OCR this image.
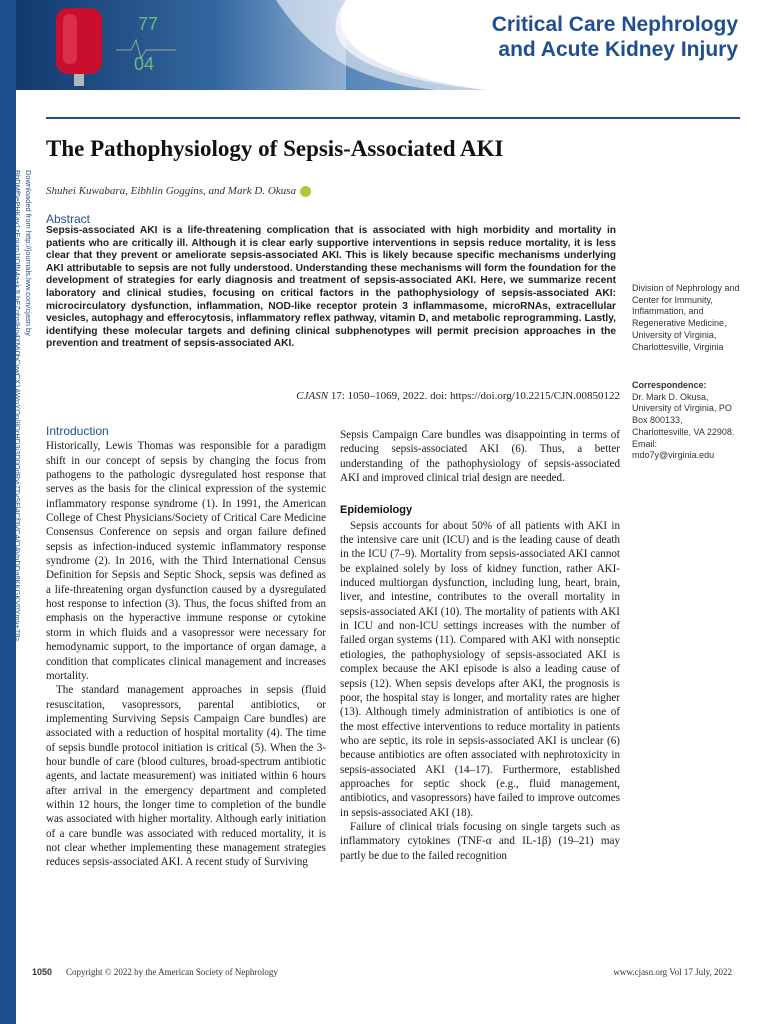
77
04
Critical Care Nephrology
and Acute Kidney Injury
Downloaded from http://journals.lww.com/cjasn by BhDMf5ePHKav1zEoum1tQfN4a+kJLhEZgbsIHo4XMi0hCywCX1AWnYQp/IlQrHD3i3D0OdRyi7TvSFl4Cf3VC4/OAVpDDa8KKGKV0Ymy+78= on 10/20/2022
The Pathophysiology of Sepsis-Associated AKI
Shuhei Kuwabara, Eibhlin Goggins, and Mark D. Okusa
Abstract

Sepsis-associated AKI is a life-threatening complication that is associated with high morbidity and mortality in patients who are critically ill. Although it is clear early supportive interventions in sepsis reduce mortality, it is less clear that they prevent or ameliorate sepsis-associated AKI. This is likely because specific mechanisms underlying AKI attributable to sepsis are not fully understood. Understanding these mechanisms will form the foundation for the development of strategies for early diagnosis and treatment of sepsis-associated AKI. Here, we summarize recent laboratory and clinical studies, focusing on critical factors in the pathophysiology of sepsis-associated AKI: microcirculatory dysfunction, inflammation, NOD-like receptor protein 3 inflammasome, microRNAs, extracellular vesicles, autophagy and efferocytosis, inflammatory reflex pathway, vitamin D, and metabolic reprogramming. Lastly, identifying these molecular targets and defining clinical subphenotypes will permit precision approaches in the prevention and treatment of sepsis-associated AKI.

CJASN 17: 1050–1069, 2022. doi: https://doi.org/10.2215/CJN.00850122
Division of Nephrology and Center for Immunity, Inflammation, and Regenerative Medicine, University of Virginia, Charlottesville, Virginia
Correspondence:
Dr. Mark D. Okusa, University of Virginia, PO Box 800133, Charlottesville, VA 22908. Email: mdo7y@virginia.edu
Introduction

Historically, Lewis Thomas was responsible for a paradigm shift in our concept of sepsis by changing the focus from pathogens to the pathologic dysregulated host response that serves as the basis for the clinical expression of the systemic inflammatory response syndrome (1). In 1991, the American College of Chest Physicians/Society of Critical Care Medicine Consensus Conference on sepsis and organ failure defined sepsis as infection-induced systemic inflammatory response syndrome (2). In 2016, with the Third International Census Definition for Sepsis and Septic Shock, sepsis was defined as a life-threatening organ dysfunction caused by a dysregulated host response to infection (3). Thus, the focus shifted from an emphasis on the hyperactive immune response or cytokine storm in which fluids and a vasopressor were necessary for hemodynamic support, to the importance of organ damage, a condition that complicates clinical management and increases mortality.

The standard management approaches in sepsis (fluid resuscitation, vasopressors, parental antibiotics, or implementing Surviving Sepsis Campaign Care bundles) are associated with a reduction of hospital mortality (4). The time of sepsis bundle protocol initiation is critical (5). When the 3-hour bundle of care (blood cultures, broad-spectrum antibiotic agents, and lactate measurement) was initiated within 6 hours after arrival in the emergency department and completed within 12 hours, the longer time to completion of the bundle was associated with higher mortality. Although early initiation of a care bundle was associated with reduced mortality, it is not clear whether implementing these management strategies reduces sepsis-associated AKI. A recent study of Surviving

Sepsis Campaign Care bundles was disappointing in terms of reducing sepsis-associated AKI (6). Thus, a better understanding of the pathophysiology of sepsis-associated AKI and improved clinical trial design are needed.

Epidemiology

Sepsis accounts for about 50% of all patients with AKI in the intensive care unit (ICU) and is the leading cause of death in the ICU (7–9). Mortality from sepsis-associated AKI cannot be explained solely by loss of kidney function, rather AKI-induced multiorgan dysfunction, including lung, heart, brain, liver, and intestine, contributes to the overall mortality in sepsis-associated AKI (10). The mortality of patients with AKI in ICU and non-ICU settings increases with the number of failed organ systems (11). Compared with AKI with nonseptic etiologies, the pathophysiology of sepsis-associated AKI is complex because the AKI episode is also a leading cause of sepsis (12). When sepsis develops after AKI, the prognosis is poor, the hospital stay is longer, and mortality rates are higher (13). Although timely administration of antibiotics is one of the most effective interventions to reduce mortality in patients who are septic, its role in sepsis-associated AKI is unclear (6) because antibiotics are often associated with nephrotoxicity in sepsis-associated AKI (14–17). Furthermore, established approaches for septic shock (e.g., fluid management, antibiotics, and vasopressors) have failed to improve outcomes in sepsis-associated AKI (18).

Failure of clinical trials focusing on single targets such as inflammatory cytokines (TNF-α and IL-1β) (19–21) may partly be due to the failed recognition

1050 Copyright © 2022 by the American Society of Nephrology	www.cjasn.org Vol 17 July, 2022
